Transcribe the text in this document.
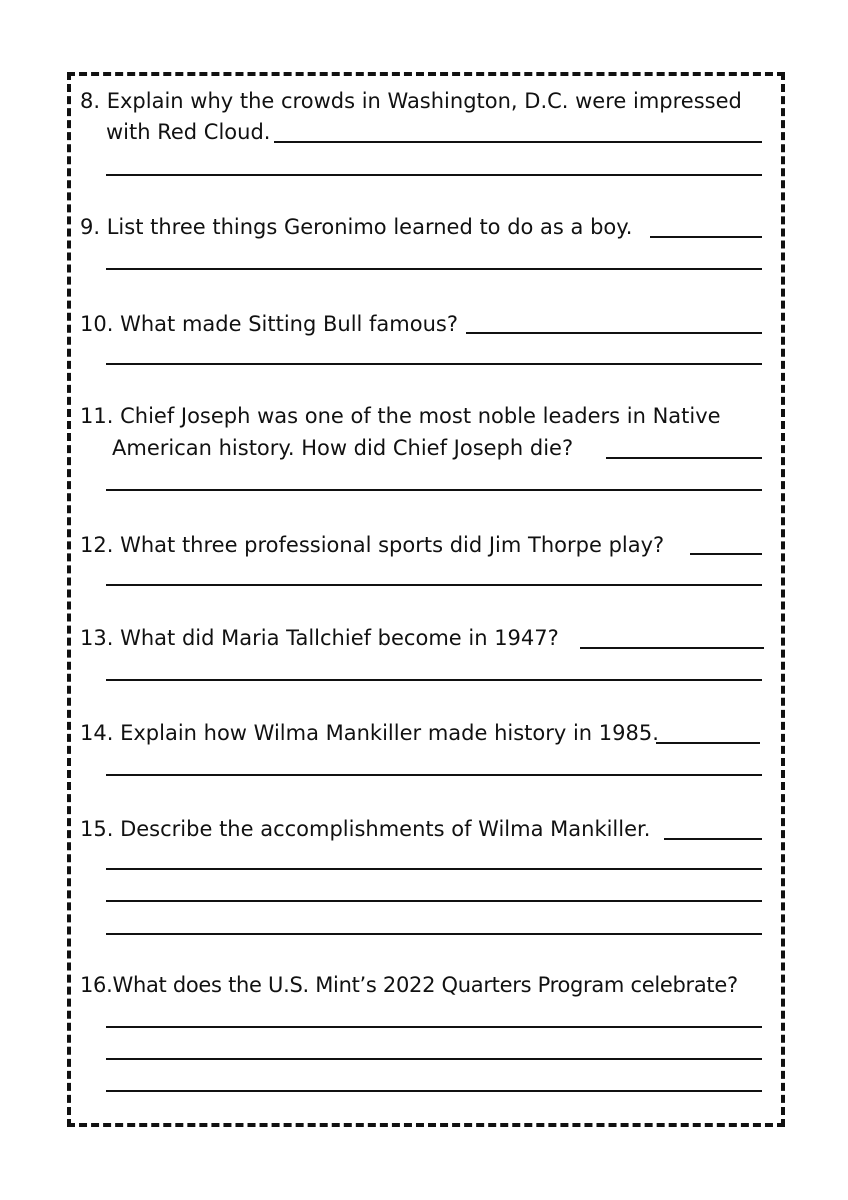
8. Explain why the crowds in Washington, D.C. were impressed
with Red Cloud.
9. List three things Geronimo learned to do as a boy.
10. What made Sitting Bull famous?
11. Chief Joseph was one of the most noble leaders in Native
American history. How did Chief Joseph die?
12. What three professional sports did Jim Thorpe play?
13. What did Maria Tallchief become in 1947?
14. Explain how Wilma Mankiller made history in 1985.
15. Describe the accomplishments of Wilma Mankiller.
16.What does the U.S. Mint’s 2022 Quarters Program celebrate?
